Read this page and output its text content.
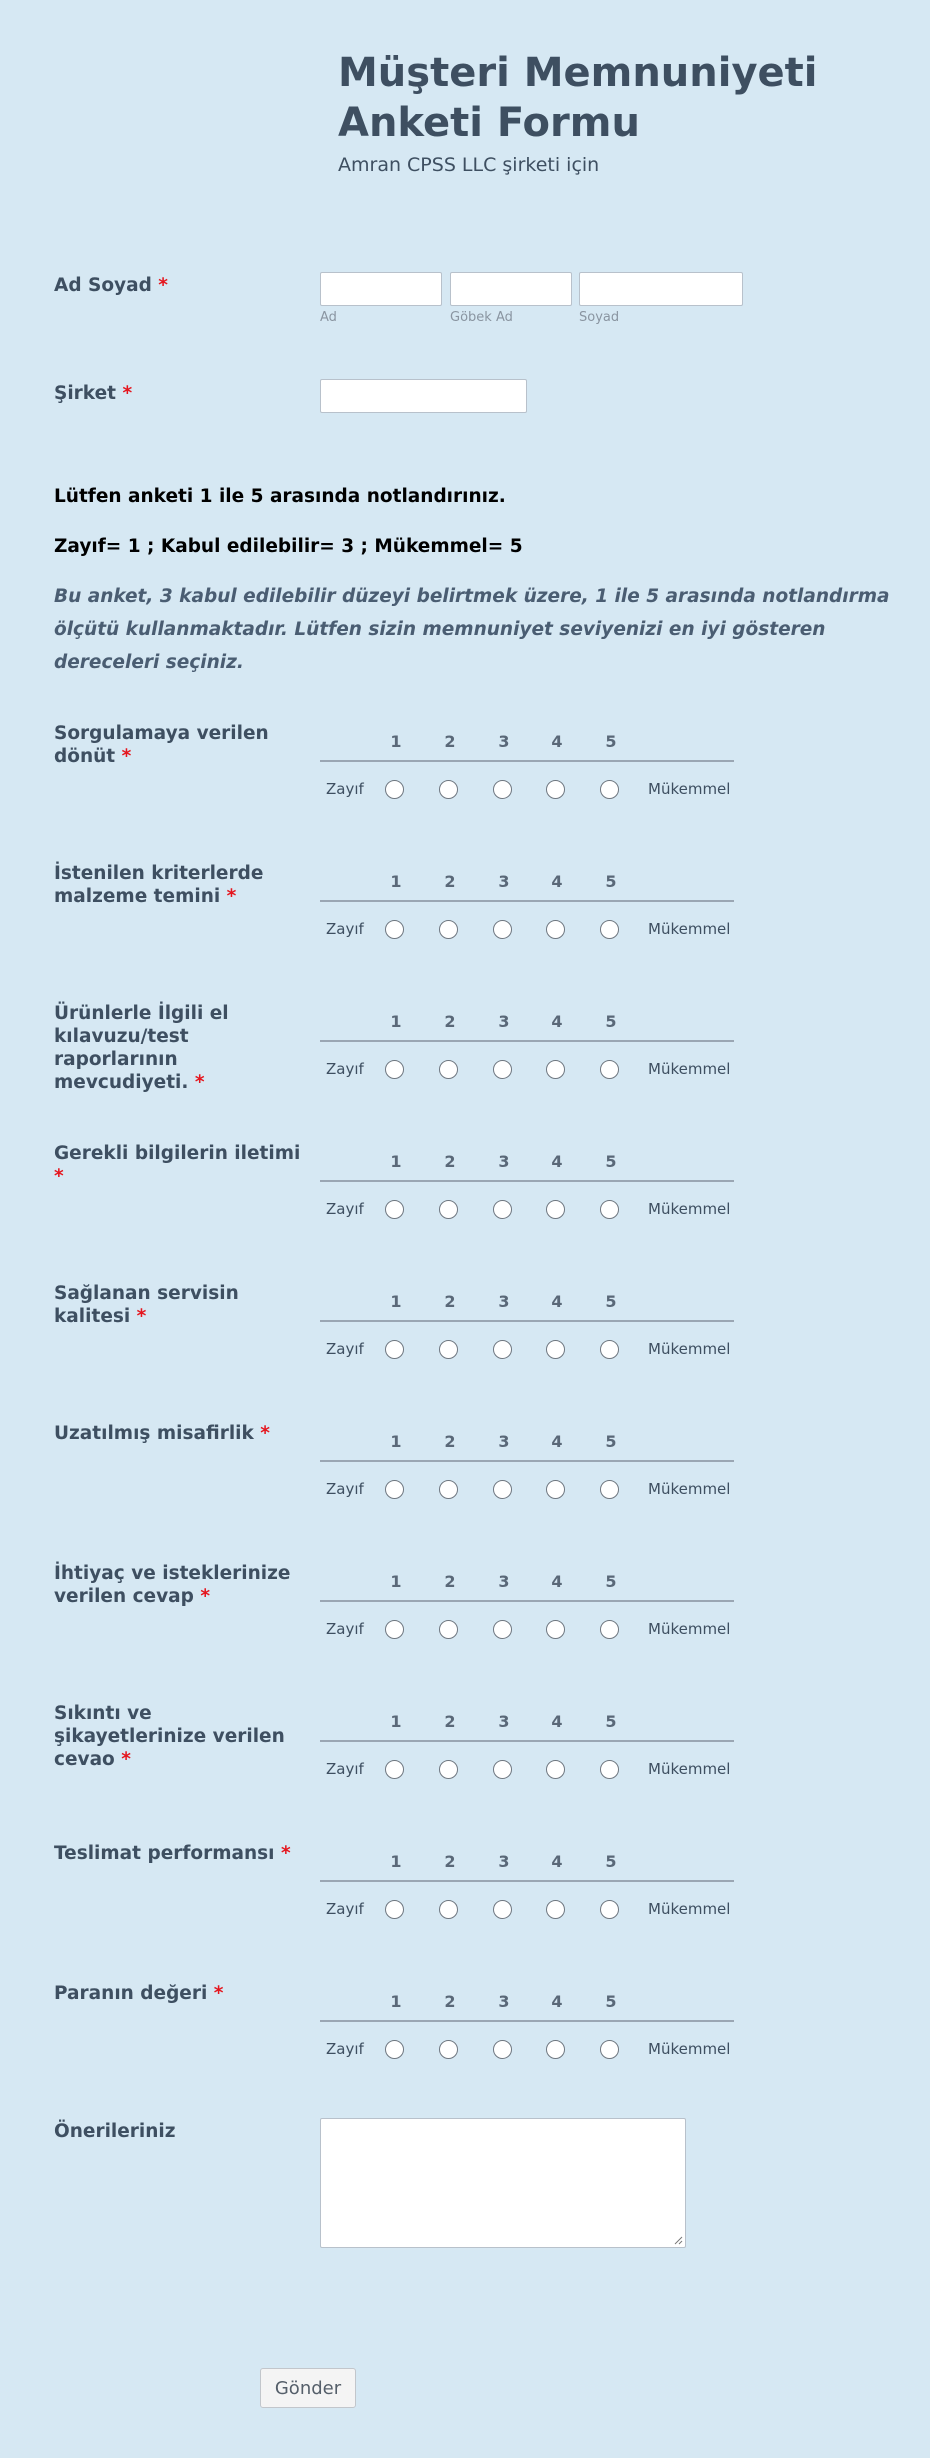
Müşteri Memnuniyeti Anketi Formu
Amran CPSS LLC şirketi için
Ad Soyad *
Ad	Göbek Ad	Soyad
Şirket *
Lütfen anketi 1 ile 5 arasında notlandırınız.
Zayıf= 1 ; Kabul edilebilir= 3 ; Mükemmel= 5
Bu anket, 3 kabul edilebilir düzeyi belirtmek üzere, 1 ile 5 arasında notlandırma ölçütü kullanmaktadır. Lütfen sizin memnuniyet seviyenizi en iyi gösteren dereceleri seçiniz.
Sorgulamaya verilen dönüt *
1	2	3	4	5
Zayıf	Mükemmel
İstenilen kriterlerde malzeme temini *
1	2	3	4	5
Zayıf	Mükemmel
Ürünlerle İlgili el kılavuzu/test raporlarının mevcudiyeti. *
1	2	3	4	5
Zayıf	Mükemmel
Gerekli bilgilerin iletimi *
1	2	3	4	5
Zayıf	Mükemmel
Sağlanan servisin kalitesi *
1	2	3	4	5
Zayıf	Mükemmel
Uzatılmış misafirlik *	1	2	3	4	5
Zayıf	Mükemmel
İhtiyaç ve isteklerinize verilen cevap *
1	2	3	4	5
Zayıf	Mükemmel
Sıkıntı ve şikayetlerinize verilen cevao *
1	2	3	4	5
Zayıf	Mükemmel
Teslimat performansı *	1	2	3	4	5
Zayıf	Mükemmel
Paranın değeri *	1	2	3	4	5
Zayıf	Mükemmel
Önerileriniz
Gönder
